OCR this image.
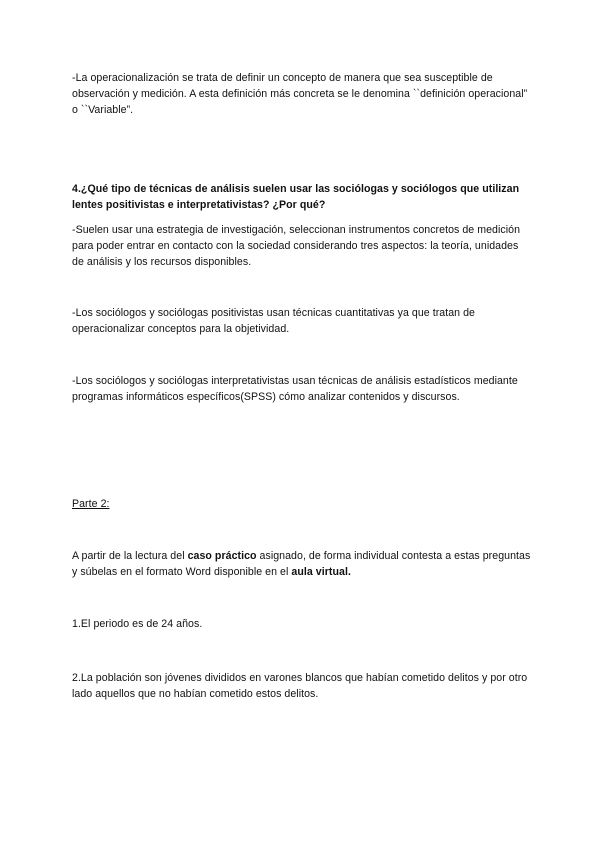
-La operacionalización se trata de definir un concepto de manera que sea susceptible de observación y medición. A esta definición más concreta se le denomina ``definición operacional” o ``Variable”.

4.¿Qué tipo de técnicas de análisis suelen usar las sociólogas y sociólogos que utilizan lentes positivistas e interpretativistas? ¿Por qué?

-Suelen usar una estrategia de investigación, seleccionan instrumentos concretos de medición para poder entrar en contacto con la sociedad considerando tres aspectos: la teoría, unidades de análisis y los recursos disponibles.

-Los sociólogos y sociólogas positivistas usan técnicas cuantitativas ya que tratan de operacionalizar conceptos para la objetividad.

-Los sociólogos y sociólogas interpretativistas usan técnicas de análisis estadísticos mediante programas informáticos específicos(SPSS) cómo analizar contenidos y discursos.

Parte 2:

A partir de la lectura del caso práctico asignado, de forma individual contesta a estas preguntas y súbelas en el formato Word disponible en el aula virtual.

1.El periodo es de 24 años.

2.La población son jóvenes divididos en varones blancos que habían cometido delitos y por otro lado aquellos que no habían cometido estos delitos.
